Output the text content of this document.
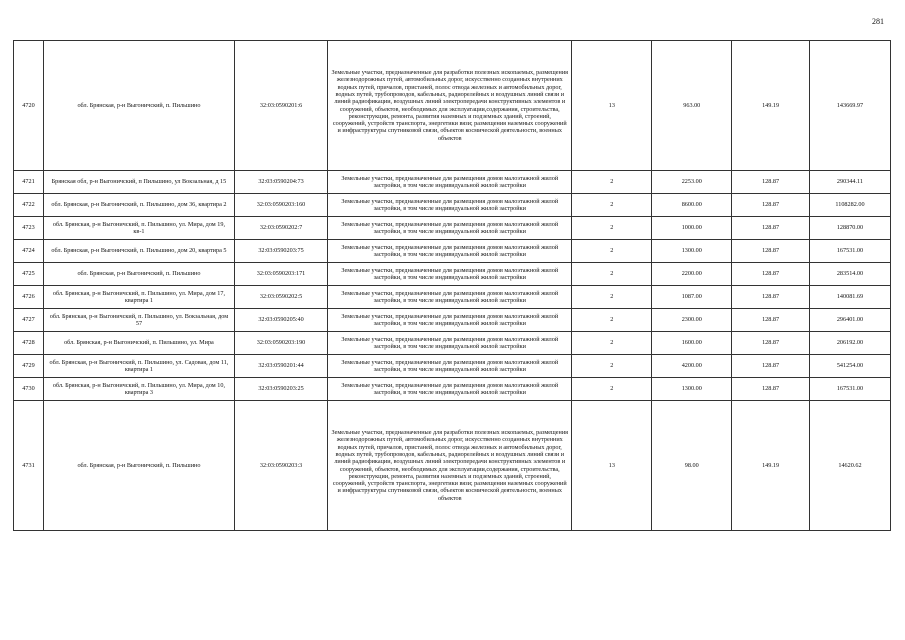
281
4720	обл. Брянская, р-н Выгоничский, п. Пильшино	32:03:0590201:6	Земельные участки, предназначенные для разработки полезных ископаемых, размещения железнодорожных путей, автомобильных дорог, искусственно созданных внутренних водных путей, причалов, пристаней, полос отвода железных и автомобильных дорог, водных путей, трубопроводов, кабельных, радиорелейных и воздушных линий связи и линий радиофикации, воздушных линий электропередачи конструктивных элементов и сооружений, объектов, необходимых для эксплуатации,содержания, строительства, реконструкции, ремонта, развития наземных и подземных зданий, строений, сооружений, устройств транспорта, энергетики вязи; размещения наземных сооружений и инфраструктуры спутниковой связи, объектов космической деятельности, военных объектов	13	963.00	149.19	143669.97
4721	Брянская обл, р-н Выгоничский, п Пильшино, ул Вокзальная, д 15	32:03:0590204:73	Земельные участки, предназначенные для размещения домов малоэтажной жилой застройки, в том числе индивидуальной жилой застройки	2	2253.00	128.87	290344.11
4722	обл. Брянская, р-н Выгоничский, п. Пильшино, дом 36, квартира 2	32:03:0590203:160	Земельные участки, предназначенные для размещения домов малоэтажной жилой застройки, в том числе индивидуальной жилой застройки	2	8600.00	128.87	1108282.00
4723	обл. Брянская, р-н Выгоничский, п. Пильшино, ул. Мира, дом 19, кв-1	32:03:0590202:7	Земельные участки, предназначенные для размещения домов малоэтажной жилой застройки, в том числе индивидуальной жилой застройки	2	1000.00	128.87	128870.00
4724	обл. Брянская, р-н Выгоничский, п. Пильшино, дом 20, квартира 5	32:03:0590203:75	Земельные участки, предназначенные для размещения домов малоэтажной жилой застройки, в том числе индивидуальной жилой застройки	2	1300.00	128.87	167531.00
4725	обл. Брянская, р-н Выгоничский, п. Пильшино	32:03:0590203:171	Земельные участки, предназначенные для размещения домов малоэтажной жилой застройки, в том числе индивидуальной жилой застройки	2	2200.00	128.87	283514.00
4726	обл. Брянская, р-н Выгоничский, п. Пильшино, ул. Мира, дом 17, квартира 1	32:03:0590202:5	Земельные участки, предназначенные для размещения домов малоэтажной жилой застройки, в том числе индивидуальной жилой застройки	2	1087.00	128.87	140081.69
4727	обл. Брянская, р-н Выгоничский, п. Пильшино, ул. Вокзальная, дом 57	32:03:0590205:40	Земельные участки, предназначенные для размещения домов малоэтажной жилой застройки, в том числе индивидуальной жилой застройки	2	2300.00	128.87	296401.00
4728	обл. Брянская, р-н Выгоничский, п. Пильшино, ул. Мира	32:03:0590203:190	Земельные участки, предназначенные для размещения домов малоэтажной жилой застройки, в том числе индивидуальной жилой застройки	2	1600.00	128.87	206192.00
4729	обл. Брянская, р-н Выгоничский, п. Пильшино, ул. Садовая, дом 11, квартира 1	32:03:0590201:44	Земельные участки, предназначенные для размещения домов малоэтажной жилой застройки, в том числе индивидуальной жилой застройки	2	4200.00	128.87	541254.00
4730	обл. Брянская, р-н Выгоничский, п. Пильшино, ул. Мира, дом 10, квартира 3	32:03:0590203:25	Земельные участки, предназначенные для размещения домов малоэтажной жилой застройки, в том числе индивидуальной жилой застройки	2	1300.00	128.87	167531.00
4731	обл. Брянская, р-н Выгоничский, п. Пильшино	32:03:0590203:3	Земельные участки, предназначенные для разработки полезных ископаемых, размещения железнодорожных путей, автомобильных дорог, искусственно созданных внутренних водных путей, причалов, пристаней, полос отвода железных и автомобильных дорог, водных путей, трубопроводов, кабельных, радиорелейных и воздушных линий связи и линий радиофикации, воздушных линий электропередачи конструктивных элементов и сооружений, объектов, необходимых для эксплуатации,содержания, строительства, реконструкции, ремонта, развития наземных и подземных зданий, строений, сооружений, устройств транспорта, энергетики вязи; размещения наземных сооружений и инфраструктуры спутниковой связи, объектов космической деятельности, военных объектов	13	98.00	149.19	14620.62
